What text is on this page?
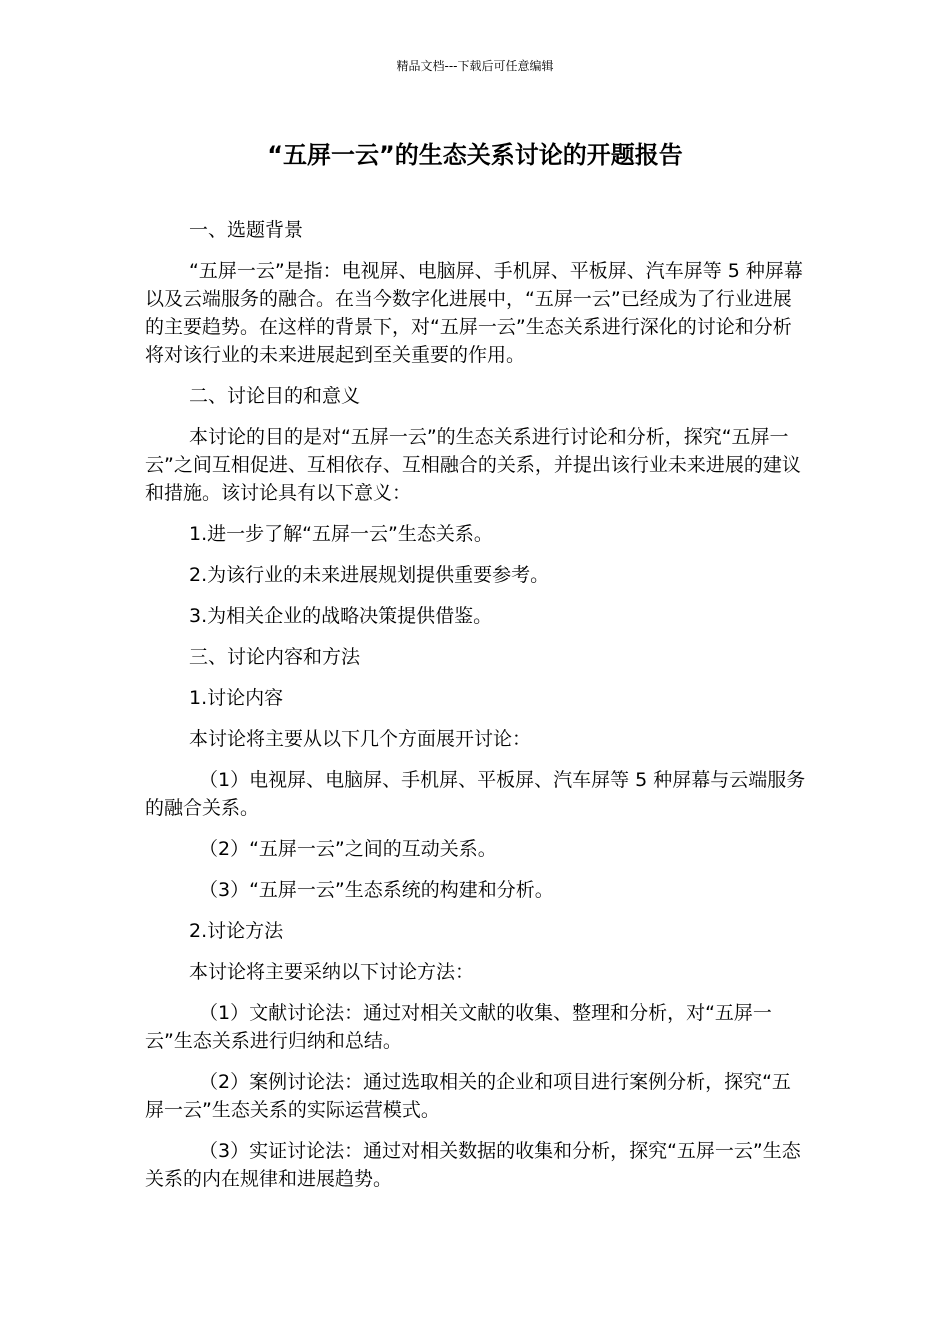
精品文档---下载后可任意编辑
“五屏一云”的生态关系讨论的开题报告

一、选题背景

“五屏一云”是指：电视屏、电脑屏、手机屏、平板屏、汽车屏等 5 种屏幕以及云端服务的融合。在当今数字化进展中，“五屏一云”已经成为了行业进展的主要趋势。在这样的背景下，对“五屏一云”生态关系进行深化的讨论和分析将对该行业的未来进展起到至关重要的作用。

二、讨论目的和意义

本讨论的目的是对“五屏一云”的生态关系进行讨论和分析，探究“五屏一云”之间互相促进、互相依存、互相融合的关系，并提出该行业未来进展的建议和措施。该讨论具有以下意义：

1.进一步了解“五屏一云”生态关系。

2.为该行业的未来进展规划提供重要参考。

3.为相关企业的战略决策提供借鉴。

三、讨论内容和方法

1.讨论内容

本讨论将主要从以下几个方面展开讨论：

（1）电视屏、电脑屏、手机屏、平板屏、汽车屏等 5 种屏幕与云端服务的融合关系。

（2）“五屏一云”之间的互动关系。

（3）“五屏一云”生态系统的构建和分析。

2.讨论方法

本讨论将主要采纳以下讨论方法：

（1）文献讨论法：通过对相关文献的收集、整理和分析，对“五屏一云”生态关系进行归纳和总结。

（2）案例讨论法：通过选取相关的企业和项目进行案例分析，探究“五屏一云”生态关系的实际运营模式。

（3）实证讨论法：通过对相关数据的收集和分析，探究“五屏一云”生态关系的内在规律和进展趋势。
